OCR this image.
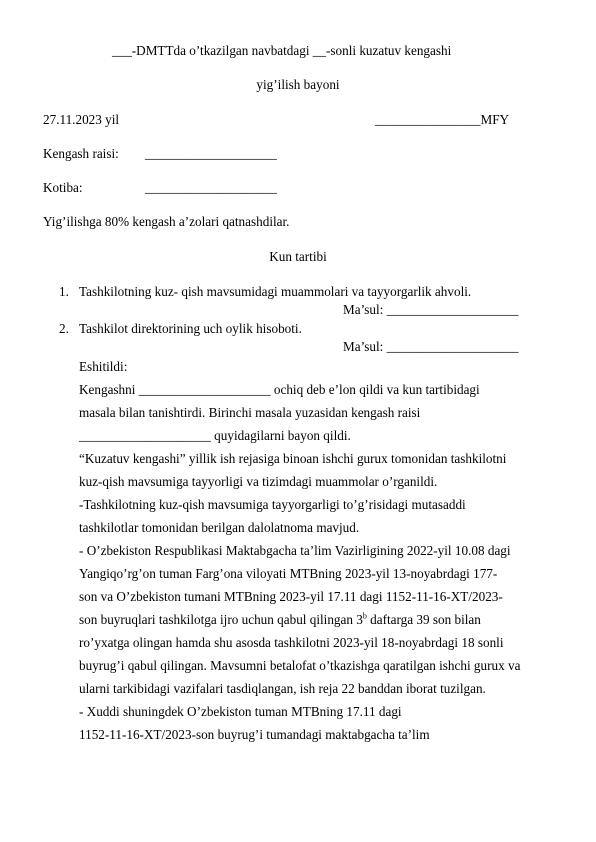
___-DMTTda o’tkazilgan navbatdagi __-sonli kuzatuv kengashi
yig’ilish bayoni
27.11.2023 yil	________________MFY
Kengash raisi: ____________________
Kotiba:	____________________
Yig’ilishga 80% kengash a’zolari qatnashdilar.
Kun tartibi
1. Tashkilotning kuz- qish mavsumidagi muammolari va tayyorgarlik ahvoli.
Ma’sul: ____________________
2. Tashkilot direktorining uch oylik hisoboti.
Ma’sul: ____________________
Eshitildi:
Kengashni ____________________ ochiq deb e’lon qildi va kun tartibidagi
masala bilan tanishtirdi. Birinchi masala yuzasidan kengash raisi
____________________ quyidagilarni bayon qildi.
“Kuzatuv kengashi” yillik ish rejasiga binoan ishchi gurux tomonidan tashkilotni
kuz-qish mavsumiga tayyorligi va tizimdagi muammolar o’rganildi.
-Tashkilotning kuz-qish mavsumiga tayyorgarligi to’g’risidagi mutasaddi
tashkilotlar tomonidan berilgan dalolatnoma mavjud.
- O’zbekiston Respublikasi Maktabgacha ta’lim Vazirligining 2022-yil 10.08 dagi
Yangiqo’rg’on tuman Farg’ona viloyati MTBning 2023-yil 13-noyabrdagi 177-
son va O’zbekiston tumani MTBning 2023-yil 17.11 dagi 1152-11-16-XT/2023-
son buyruqlari tashkilotga ijro uchun qabul qilingan 3$^b$ daftarga 39 son bilan
ro’yxatga olingan hamda shu asosda tashkilotni 2023-yil 18-noyabrdagi 18 sonli
buyrug’i qabul qilingan. Mavsumni betalofat o’tkazishga qaratilgan ishchi gurux va
ularni tarkibidagi vazifalari tasdiqlangan, ish reja 22 banddan iborat tuzilgan.
- Xuddi shuningdek O’zbekiston tuman MTBning 17.11 dagi
1152-11-16-XT/2023-son buyrug’i tumandagi maktabgacha ta’lim
